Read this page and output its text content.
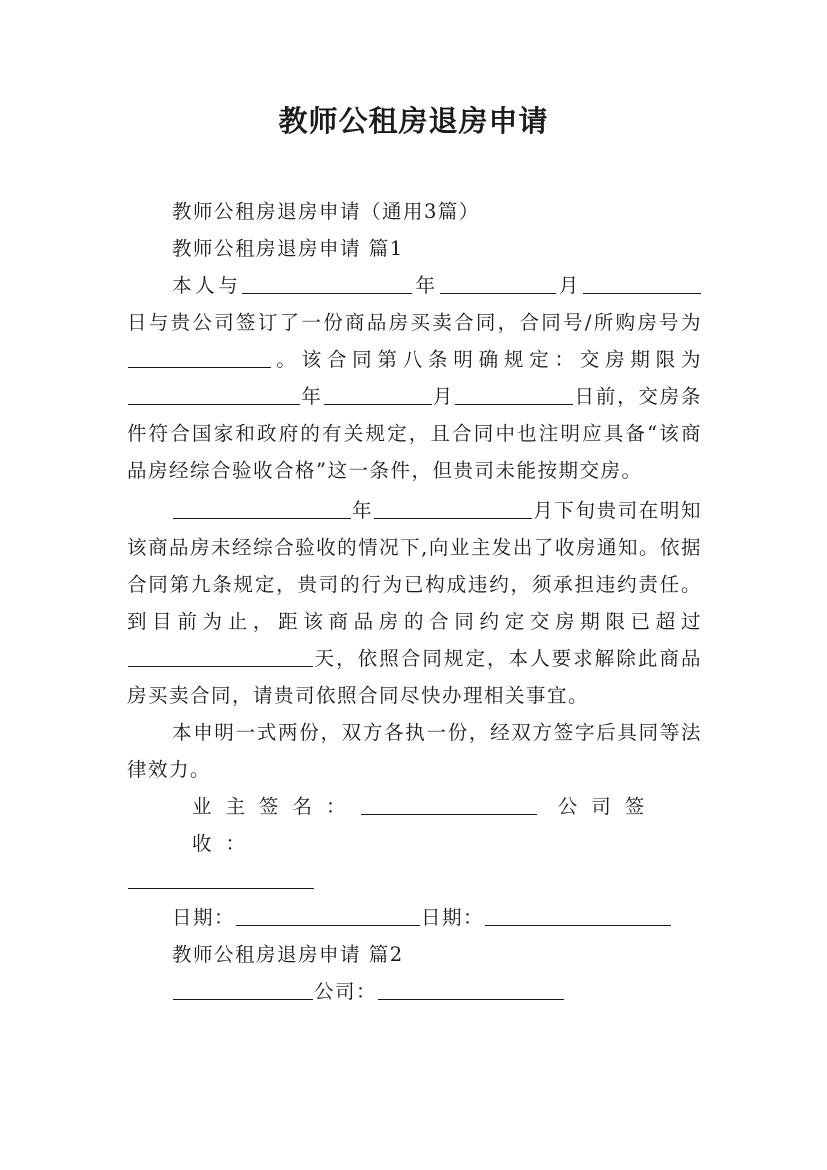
教师公租房退房申请

教师公租房退房申请（通用3篇）

教师公租房退房申请 篇1

本人与	年	月日与贵公司签订了一份商品房买卖合同，合同号/所购房号为。该合同第八条明确规定：交房期限为年	月	日前，交房条件符合国家和政府的有关规定，且合同中也注明应具备“该商品房经综合验收合格”这一条件，但贵司未能按期交房。

年	月下旬贵司在明知该商品房未经综合验收的情况下,向业主发出了收房通知。依据合同第九条规定，贵司的行为已构成违约，须承担违约责任。到目前为止，距该商品房的合同约定交房期限已超过天，依照合同规定，本人要求解除此商品房买卖合同，请贵司依照合同尽快办理相关事宜。

本申明一式两份，双方各执一份，经双方签字后具同等法律效力。

业主签名：	公司签收：

日期：	日期：

教师公租房退房申请 篇2

公司：
